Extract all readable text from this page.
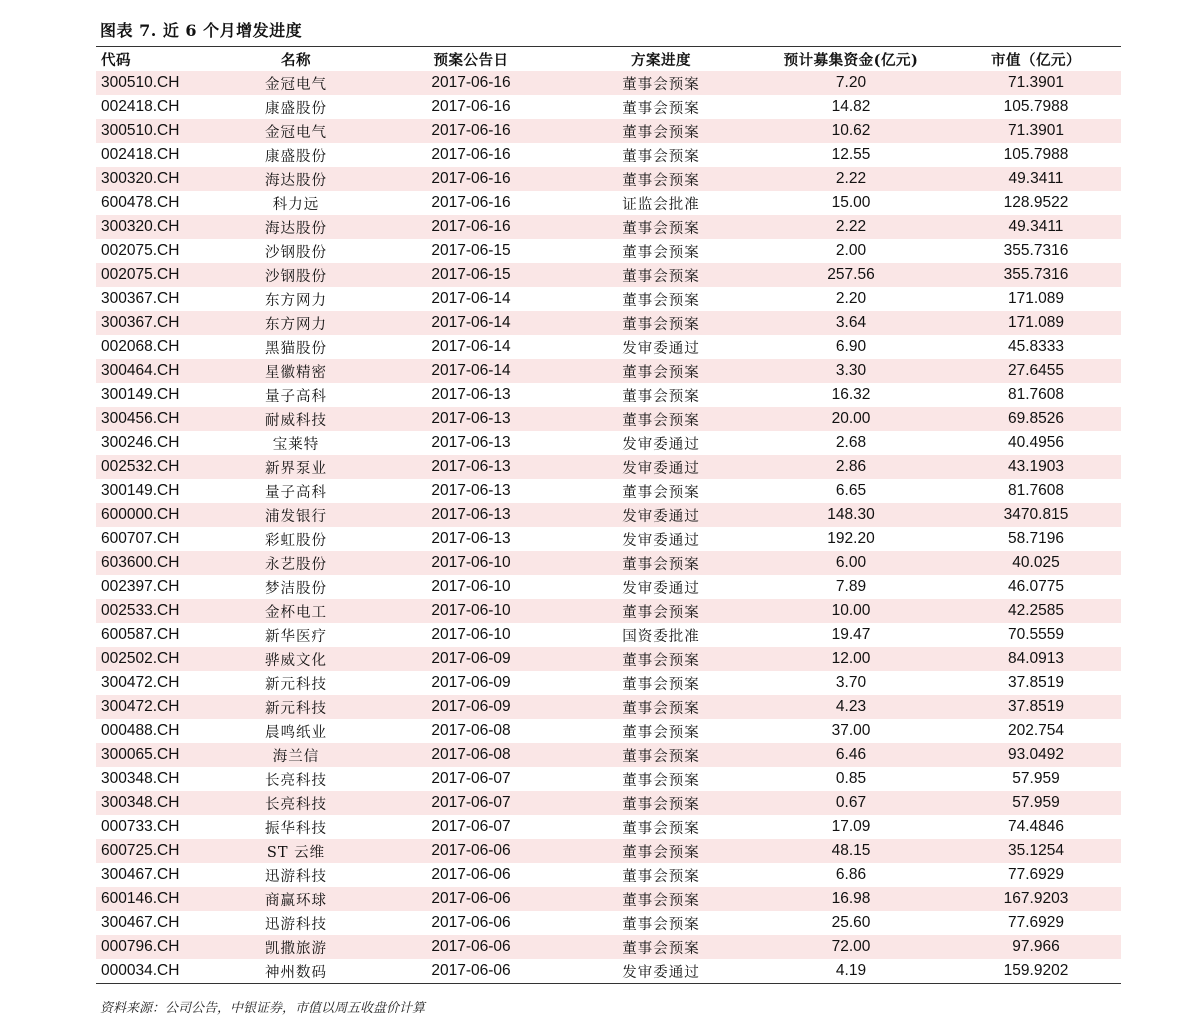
图表 7. 近 6 个月增发进度
代码	名称	预案公告日	方案进度	预计募集资金(亿元)	市值（亿元）
300510.CH	金冠电气	2017-06-16	董事会预案	7.20	71.3901
002418.CH	康盛股份	2017-06-16	董事会预案	14.82	105.7988
300510.CH	金冠电气	2017-06-16	董事会预案	10.62	71.3901
002418.CH	康盛股份	2017-06-16	董事会预案	12.55	105.7988
300320.CH	海达股份	2017-06-16	董事会预案	2.22	49.3411
600478.CH	科力远	2017-06-16	证监会批准	15.00	128.9522
300320.CH	海达股份	2017-06-16	董事会预案	2.22	49.3411
002075.CH	沙钢股份	2017-06-15	董事会预案	2.00	355.7316
002075.CH	沙钢股份	2017-06-15	董事会预案	257.56	355.7316
300367.CH	东方网力	2017-06-14	董事会预案	2.20	171.089
300367.CH	东方网力	2017-06-14	董事会预案	3.64	171.089
002068.CH	黑猫股份	2017-06-14	发审委通过	6.90	45.8333
300464.CH	星徽精密	2017-06-14	董事会预案	3.30	27.6455
300149.CH	量子高科	2017-06-13	董事会预案	16.32	81.7608
300456.CH	耐威科技	2017-06-13	董事会预案	20.00	69.8526
300246.CH	宝莱特	2017-06-13	发审委通过	2.68	40.4956
002532.CH	新界泵业	2017-06-13	发审委通过	2.86	43.1903
300149.CH	量子高科	2017-06-13	董事会预案	6.65	81.7608
600000.CH	浦发银行	2017-06-13	发审委通过	148.30	3470.815
600707.CH	彩虹股份	2017-06-13	发审委通过	192.20	58.7196
603600.CH	永艺股份	2017-06-10	董事会预案	6.00	40.025
002397.CH	梦洁股份	2017-06-10	发审委通过	7.89	46.0775
002533.CH	金杯电工	2017-06-10	董事会预案	10.00	42.2585
600587.CH	新华医疗	2017-06-10	国资委批准	19.47	70.5559
002502.CH	骅威文化	2017-06-09	董事会预案	12.00	84.0913
300472.CH	新元科技	2017-06-09	董事会预案	3.70	37.8519
300472.CH	新元科技	2017-06-09	董事会预案	4.23	37.8519
000488.CH	晨鸣纸业	2017-06-08	董事会预案	37.00	202.754
300065.CH	海兰信	2017-06-08	董事会预案	6.46	93.0492
300348.CH	长亮科技	2017-06-07	董事会预案	0.85	57.959
300348.CH	长亮科技	2017-06-07	董事会预案	0.67	57.959
000733.CH	振华科技	2017-06-07	董事会预案	17.09	74.4846
600725.CH	ST 云维	2017-06-06	董事会预案	48.15	35.1254
300467.CH	迅游科技	2017-06-06	董事会预案	6.86	77.6929
600146.CH	商赢环球	2017-06-06	董事会预案	16.98	167.9203
300467.CH	迅游科技	2017-06-06	董事会预案	25.60	77.6929
000796.CH	凯撒旅游	2017-06-06	董事会预案	72.00	97.966
000034.CH	神州数码	2017-06-06	发审委通过	4.19	159.9202
资料来源：公司公告，中银证券，市值以周五收盘价计算
